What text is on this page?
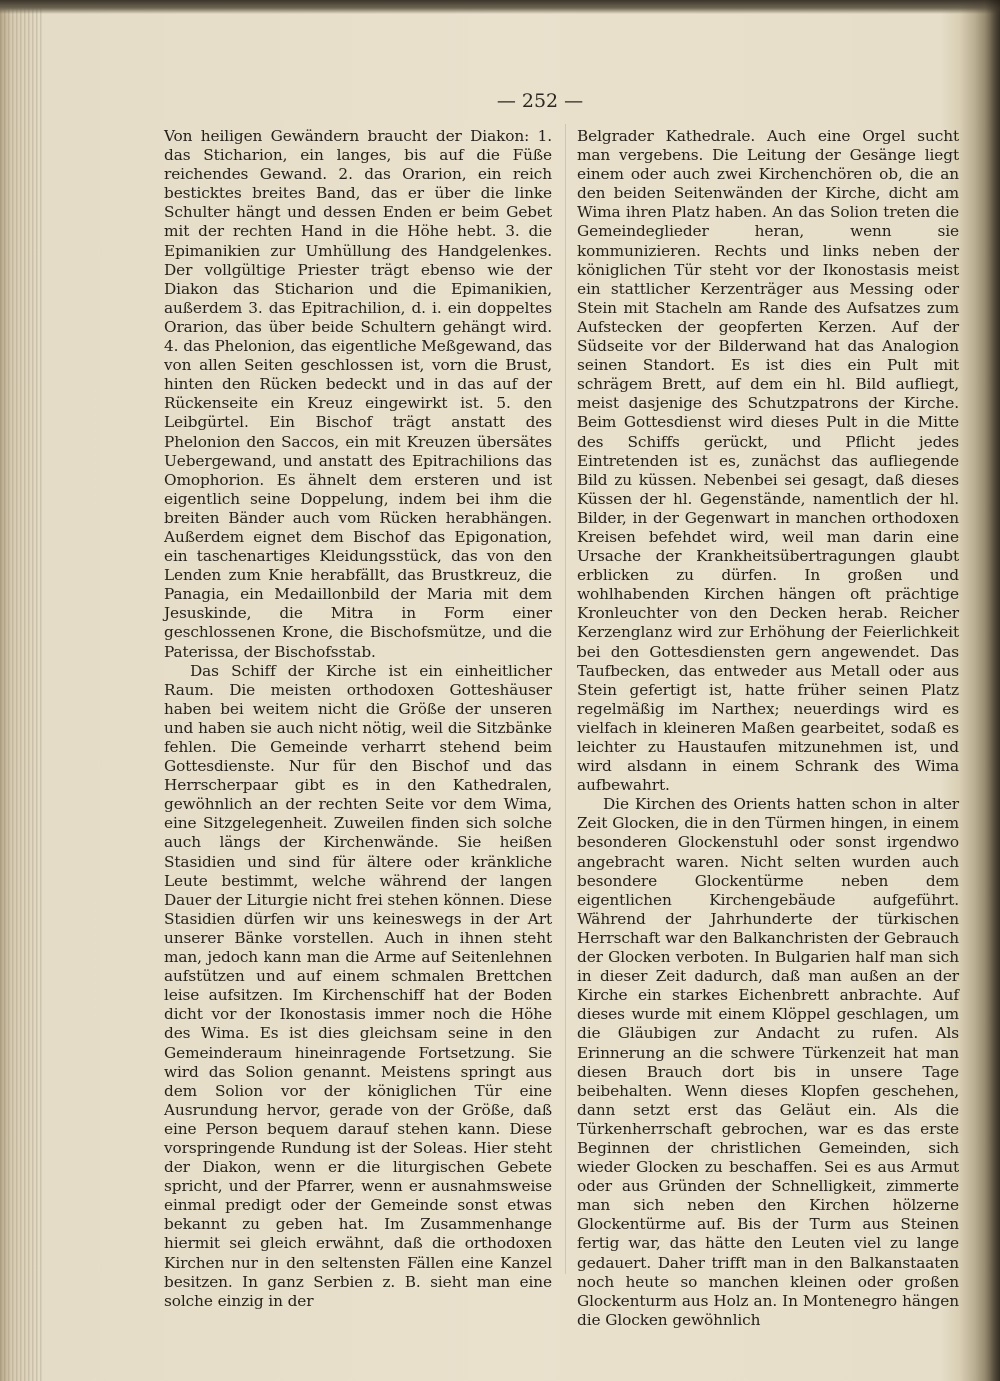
— 252 —

Von heiligen Gewändern braucht der Diakon: 1. das Sticharion, ein langes, bis auf die Füße reichendes Gewand. 2. das Orarion, ein reich besticktes breites Band, das er über die linke Schulter hängt und dessen Enden er beim Gebet mit der rechten Hand in die Höhe hebt. 3. die Epimanikien zur Umhüllung des Handgelenkes. Der vollgültige Priester trägt ebenso wie der Diakon das Sticharion und die Epimanikien, außerdem 3. das Epitrachilion, d. i. ein doppeltes Orarion, das über beide Schultern gehängt wird. 4. das Phelonion, das eigentliche Meßgewand, das von allen Seiten geschlossen ist, vorn die Brust, hinten den Rücken bedeckt und in das auf der Rückenseite ein Kreuz eingewirkt ist. 5. den Leibgürtel. Ein Bischof trägt anstatt des Phelonion den Saccos, ein mit Kreuzen übersätes Uebergewand, und anstatt des Epitrachilions das Omophorion. Es ähnelt dem ersteren und ist eigentlich seine Doppelung, indem bei ihm die breiten Bänder auch vom Rücken herabhängen. Außerdem eignet dem Bischof das Epigonation, ein taschenartiges Kleidungsstück, das von den Lenden zum Knie herabfällt, das Brustkreuz, die Panagia, ein Medaillonbild der Maria mit dem Jesuskinde, die Mitra in Form einer geschlossenen Krone, die Bischofsmütze, und die Paterissa, der Bischofsstab.

Das Schiff der Kirche ist ein einheitlicher Raum. Die meisten orthodoxen Gotteshäuser haben bei weitem nicht die Größe der unseren und haben sie auch nicht nötig, weil die Sitzbänke fehlen. Die Gemeinde verharrt stehend beim Gottesdienste. Nur für den Bischof und das Herrscherpaar gibt es in den Kathedralen, gewöhnlich an der rechten Seite vor dem Wima, eine Sitzgelegenheit. Zuweilen finden sich solche auch längs der Kirchenwände. Sie heißen Stasidien und sind für ältere oder kränkliche Leute bestimmt, welche während der langen Dauer der Liturgie nicht frei stehen können. Diese Stasidien dürfen wir uns keineswegs in der Art unserer Bänke vorstellen. Auch in ihnen steht man, jedoch kann man die Arme auf Seitenlehnen aufstützen und auf einem schmalen Brettchen leise aufsitzen. Im Kirchenschiff hat der Boden dicht vor der Ikonostasis immer noch die Höhe des Wima. Es ist dies gleichsam seine in den Gemeinderaum hineinragende Fortsetzung. Sie wird das Solion genannt. Meistens springt aus dem Solion vor der königlichen Tür eine Ausrundung hervor, gerade von der Größe, daß eine Person bequem darauf stehen kann. Diese vorspringende Rundung ist der Soleas. Hier steht der Diakon, wenn er die liturgischen Gebete spricht, und der Pfarrer, wenn er ausnahmsweise einmal predigt oder der Gemeinde sonst etwas bekannt zu geben hat. Im Zusammenhange hiermit sei gleich erwähnt, daß die orthodoxen Kirchen nur in den seltensten Fällen eine Kanzel besitzen. In ganz Serbien z. B. sieht man eine solche einzig in der

Belgrader Kathedrale. Auch eine Orgel sucht man vergebens. Die Leitung der Gesänge liegt einem oder auch zwei Kirchenchören ob, die an den beiden Seitenwänden der Kirche, dicht am Wima ihren Platz haben. An das Solion treten die Gemeindeglieder heran, wenn sie kommunizieren. Rechts und links neben der königlichen Tür steht vor der Ikonostasis meist ein stattlicher Kerzenträger aus Messing oder Stein mit Stacheln am Rande des Aufsatzes zum Aufstecken der geopferten Kerzen. Auf der Südseite vor der Bilderwand hat das Analogion seinen Standort. Es ist dies ein Pult mit schrägem Brett, auf dem ein hl. Bild aufliegt, meist dasjenige des Schutzpatrons der Kirche. Beim Gottesdienst wird dieses Pult in die Mitte des Schiffs gerückt, und Pflicht jedes Eintretenden ist es, zunächst das aufliegende Bild zu küssen. Nebenbei sei gesagt, daß dieses Küssen der hl. Gegenstände, namentlich der hl. Bilder, in der Gegenwart in manchen orthodoxen Kreisen befehdet wird, weil man darin eine Ursache der Krankheitsübertragungen glaubt erblicken zu dürfen. In großen und wohlhabenden Kirchen hängen oft prächtige Kronleuchter von den Decken herab. Reicher Kerzenglanz wird zur Erhöhung der Feierlichkeit bei den Gottesdiensten gern angewendet. Das Taufbecken, das entweder aus Metall oder aus Stein gefertigt ist, hatte früher seinen Platz regelmäßig im Narthex; neuerdings wird es vielfach in kleineren Maßen gearbeitet, sodaß es leichter zu Haustaufen mitzunehmen ist, und wird alsdann in einem Schrank des Wima aufbewahrt.

Die Kirchen des Orients hatten schon in alter Zeit Glocken, die in den Türmen hingen, in einem besonderen Glockenstuhl oder sonst irgendwo angebracht waren. Nicht selten wurden auch besondere Glockentürme neben dem eigentlichen Kirchengebäude aufgeführt. Während der Jahrhunderte der türkischen Herrschaft war den Balkanchristen der Gebrauch der Glocken verboten. In Bulgarien half man sich in dieser Zeit dadurch, daß man außen an der Kirche ein starkes Eichenbrett anbrachte. Auf dieses wurde mit einem Klöppel geschlagen, um die Gläubigen zur Andacht zu rufen. Als Erinnerung an die schwere Türkenzeit hat man diesen Brauch dort bis in unsere Tage beibehalten. Wenn dieses Klopfen geschehen, dann setzt erst das Geläut ein. Als die Türkenherrschaft gebrochen, war es das erste Beginnen der christlichen Gemeinden, sich wieder Glocken zu beschaffen. Sei es aus Armut oder aus Gründen der Schnelligkeit, zimmerte man sich neben den Kirchen hölzerne Glockentürme auf. Bis der Turm aus Steinen fertig war, das hätte den Leuten viel zu lange gedauert. Daher trifft man in den Balkanstaaten noch heute so manchen kleinen oder großen Glockenturm aus Holz an. In Montenegro hängen die Glocken gewöhnlich
